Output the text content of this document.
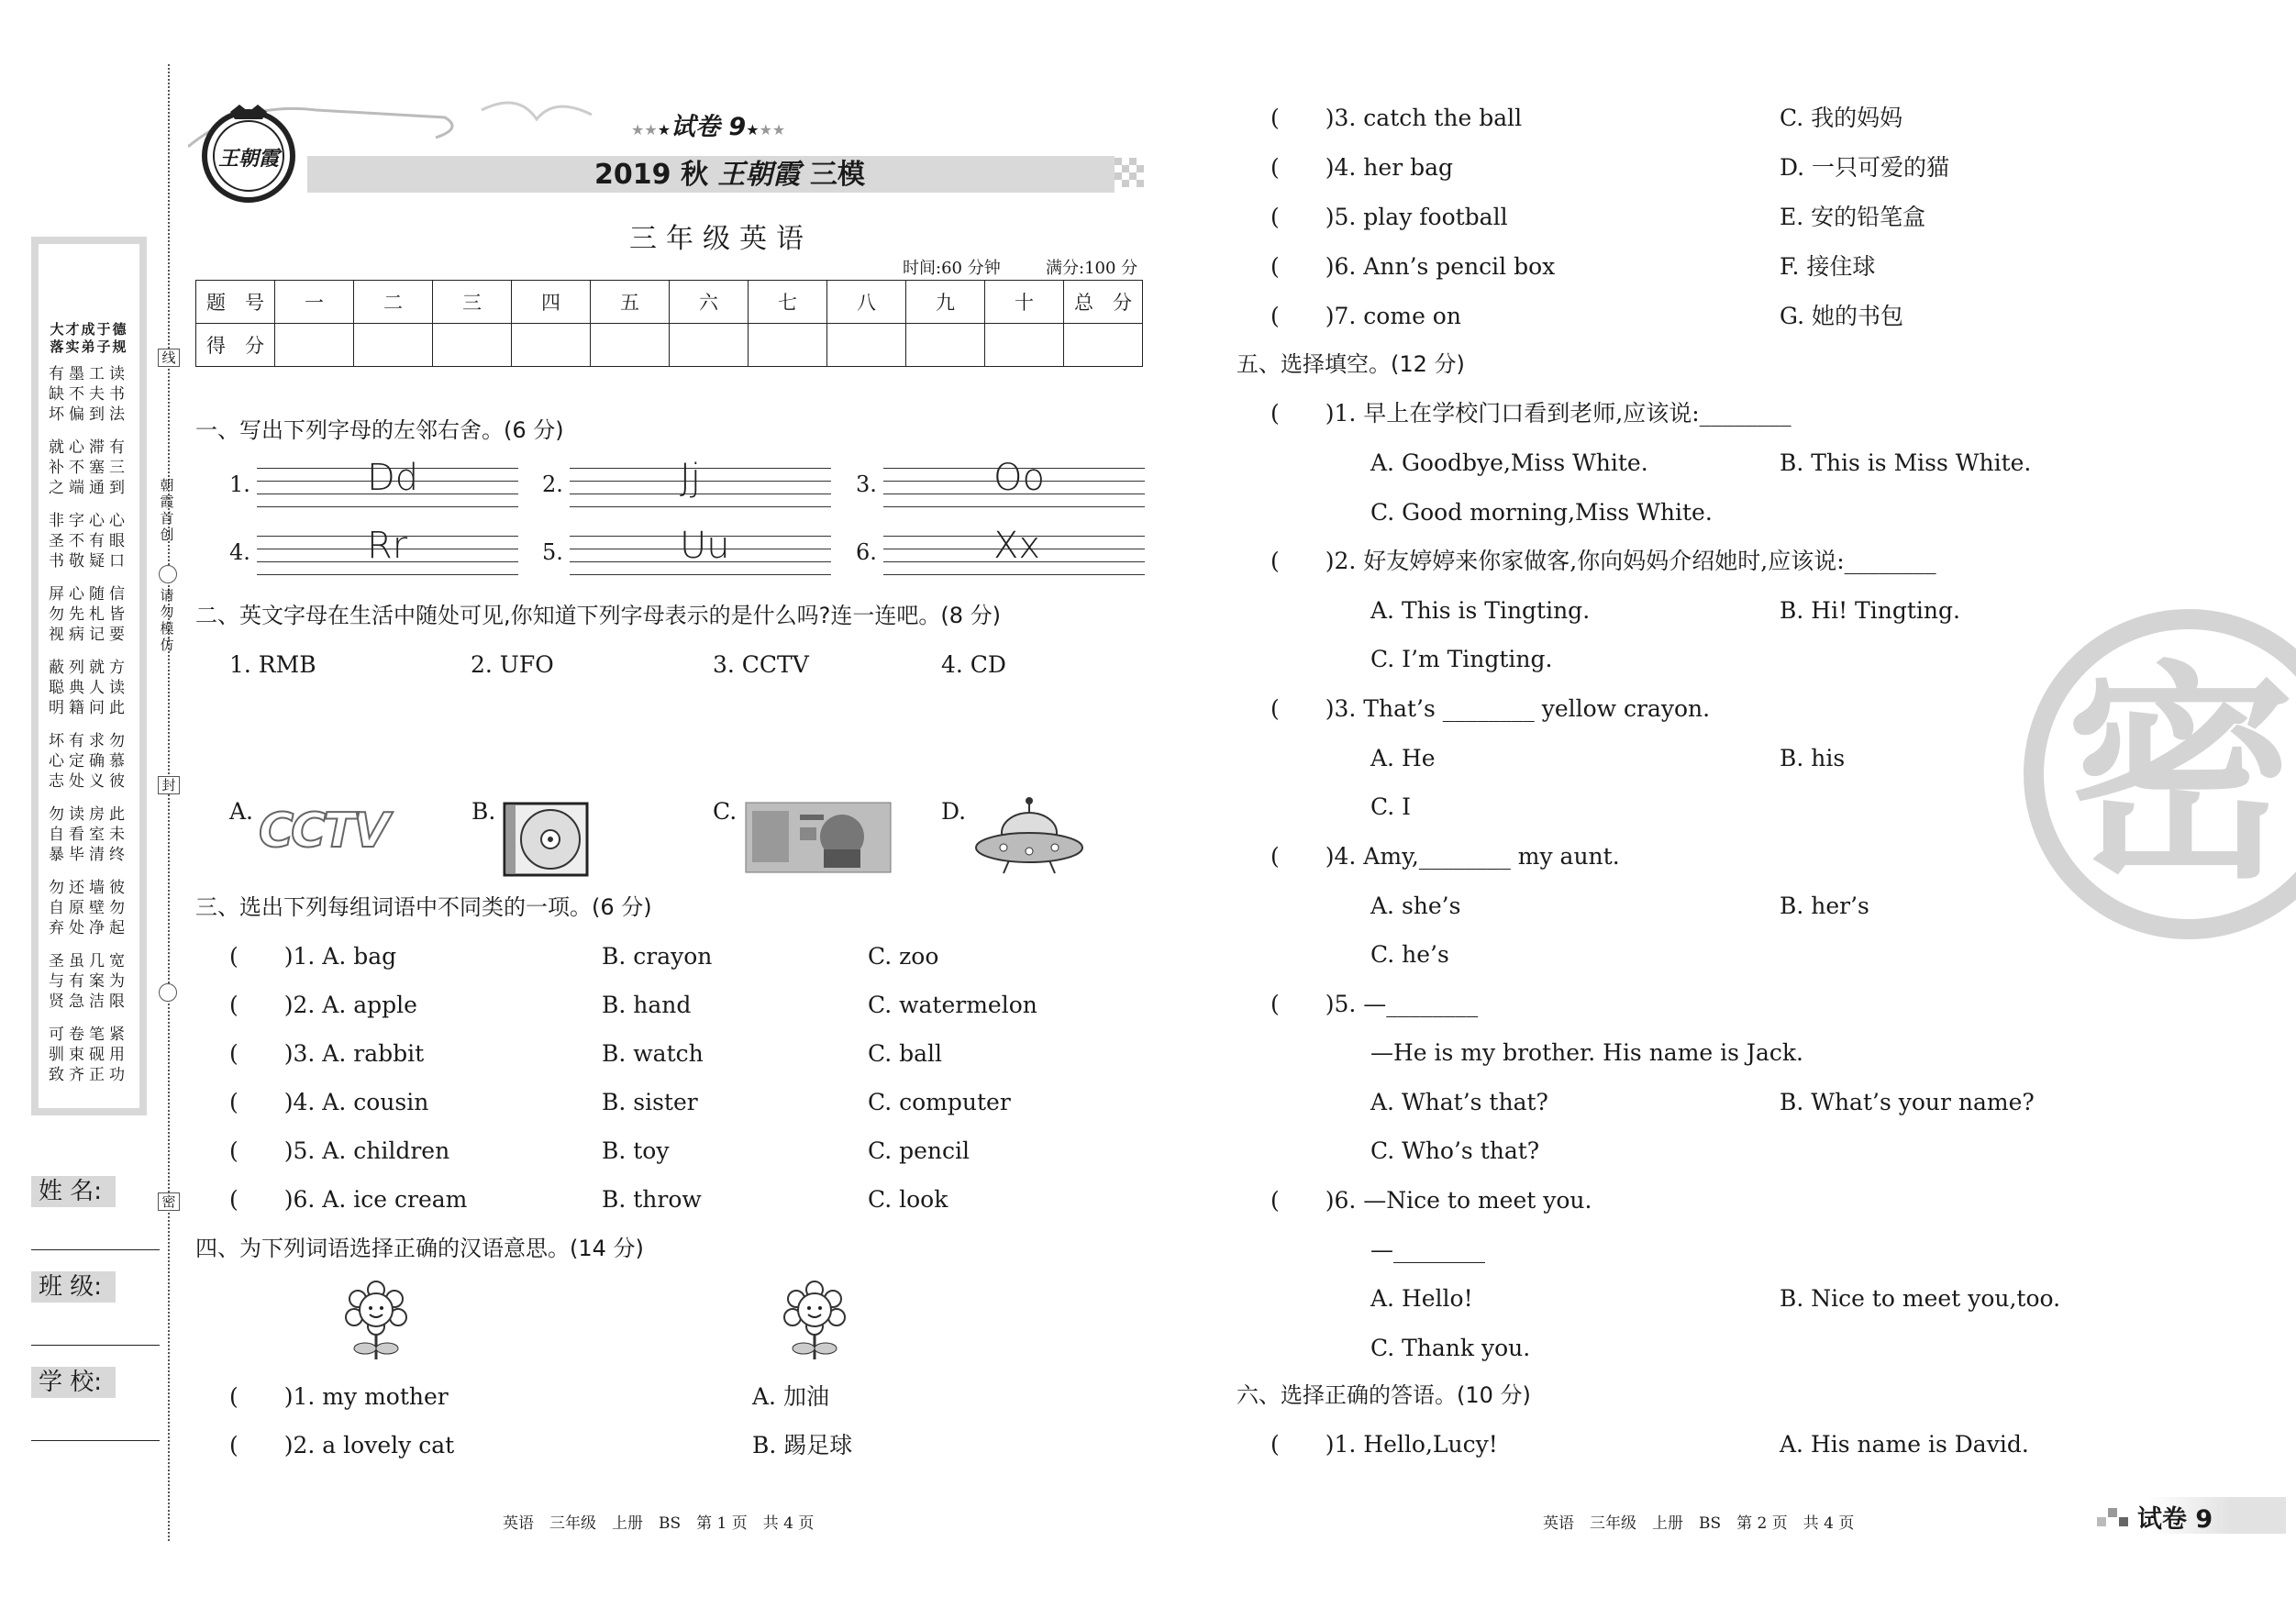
大才成于德
落实弟子规
有墨工读
缺不夫书
坏偏到法
就心滞有
补不塞三
之端通到
非字心心
圣不有眼
书敬疑口
屏心随信
勿先札皆
视病记要
蔽列就方
聪典人读
明籍问此
坏有求勿
心定确慕
志处义彼
勿读房此
自看室未
暴毕清终
勿还墙彼
自原壁勿
弃处净起
圣虽几宽
与有案为
贤急洁限
可卷笔紧
驯束砚用
致齐正功
姓 名:
班 级:
学 校:
线
朝霞首创
请勿模仿
封
密
王朝霞
★★★试卷 9★★★
2019 秋 王朝霞 三模
三年级英语
时间:60 分钟	满分:100 分
题　号	一	二	三	四	五	六	七	八	九	十	总　分
得　分											
一、写出下列字母的左邻右舍。(6 分)
1.	Dd	2.	Jj	3.	Oo
4.	Rr	5.	Uu	6.	Xx
二、英文字母在生活中随处可见,你知道下列字母表示的是什么吗?连一连吧。(8 分)
1. RMB	2. UFO	3. CCTV	4. CD
A. CCTV	B.	C.	D.
三、选出下列每组词语中不同类的一项。(6 分)
(　　)1. A. bag	B. crayon	C. zoo
(　　)2. A. apple	B. hand	C. watermelon
(　　)3. A. rabbit	B. watch	C. ball
(　　)4. A. cousin	B. sister	C. computer
(　　)5. A. children	B. toy	C. pencil
(　　)6. A. ice cream	B. throw	C. look
四、为下列词语选择正确的汉语意思。(14 分)
(　　)1. my mother	A. 加油
(　　)2. a lovely cat	B. 踢足球
(　　)3. catch the ball	C. 我的妈妈
(　　)4. her bag	D. 一只可爱的猫
(　　)5. play football	E. 安的铅笔盒
(　　)6. Ann’s pencil box	F. 接住球
(　　)7. come on	G. 她的书包
五、选择填空。(12 分)
(　　)1. 早上在学校门口看到老师,应该说:________
A. Goodbye,Miss White.	B. This is Miss White.
C. Good morning,Miss White.
(　　)2. 好友婷婷来你家做客,你向妈妈介绍她时,应该说:________
A. This is Tingting.	B. Hi! Tingting.
C. I’m Tingting.
(　　)3. That’s ________ yellow crayon.
A. He	B. his
C. I
(　　)4. Amy,________ my aunt.
A. she’s	B. her’s
C. he’s
(　　)5. —________
—He is my brother. His name is Jack.
A. What’s that?	B. What’s your name?
C. Who’s that?
(　　)6. —Nice to meet you.
—________
A. Hello!	B. Nice to meet you,too.
C. Thank you.
六、选择正确的答语。(10 分)
(　　)1. Hello,Lucy!	A. His name is David.
密
英语　三年级　上册　BS　第 1 页　共 4 页	英语　三年级　上册　BS　第 2 页　共 4 页	试卷 9
